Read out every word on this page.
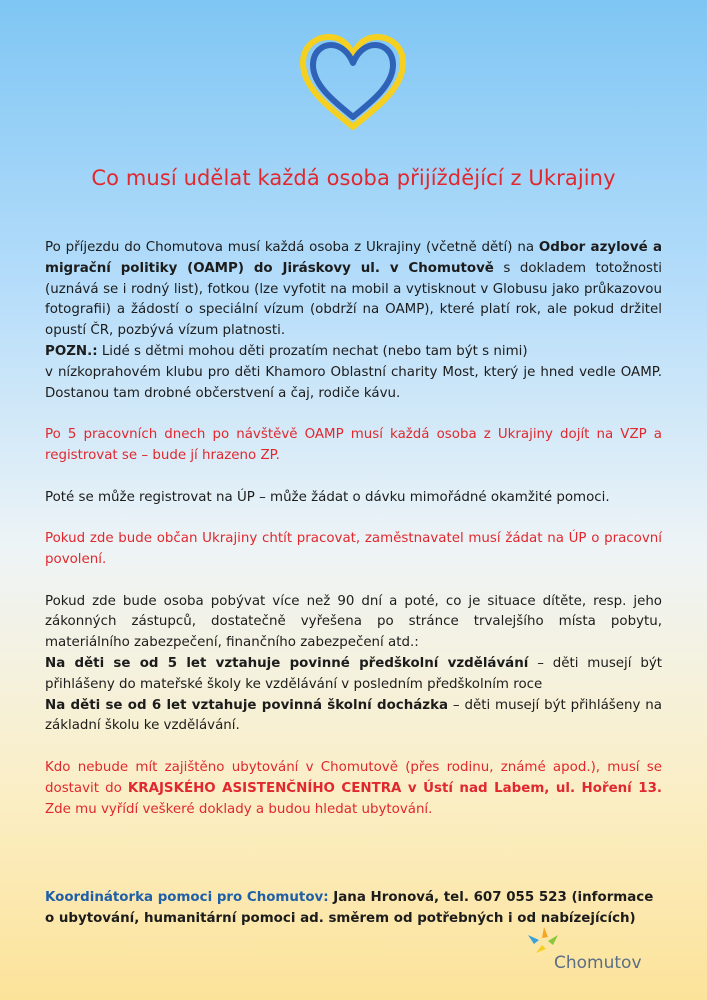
Co musí udělat každá osoba přijíždějící z Ukrajiny

Po příjezdu do Chomutova musí každá osoba z Ukrajiny (včetně dětí) na Odbor azylové a migrační politiky (OAMP) do Jiráskovy ul. v Chomutově s dokladem totožnosti (uznává se i rodný list), fotkou (lze vyfotit na mobil a vytisknout v Globusu jako průkazovou fotografii) a žádostí o speciální vízum (obdrží na OAMP), které platí rok, ale pokud držitel opustí ČR, pozbývá vízum platnosti.

POZN.: Lidé s dětmi mohou děti prozatím nechat (nebo tam být s nimi)
v nízkoprahovém klubu pro děti Khamoro Oblastní charity Most, který je hned vedle OAMP. Dostanou tam drobné občerstvení a čaj, rodiče kávu.

Po 5 pracovních dnech po návštěvě OAMP musí každá osoba z Ukrajiny dojít na VZP a registrovat se – bude jí hrazeno ZP.

Poté se může registrovat na ÚP – může žádat o dávku mimořádné okamžité pomoci.

Pokud zde bude občan Ukrajiny chtít pracovat, zaměstnavatel musí žádat na ÚP o pracovní povolení.

Pokud zde bude osoba pobývat více než 90 dní a poté, co je situace dítěte, resp. jeho zákonných zástupců, dostatečně vyřešena po stránce trvalejšího místa pobytu, materiálního zabezpečení, finančního zabezpečení atd.:
Na děti se od 5 let vztahuje povinné předškolní vzdělávání – děti musejí být přihlášeny do mateřské školy ke vzdělávání v posledním předškolním roce
Na děti se od 6 let vztahuje povinná školní docházka – děti musejí být přihlášeny na základní školu ke vzdělávání.

Kdo nebude mít zajištěno ubytování v Chomutově (přes rodinu, známé apod.), musí se dostavit do KRAJSKÉHO ASISTENČNÍHO CENTRA v Ústí nad Labem, ul. Hoření 13. Zde mu vyřídí veškeré doklady a budou hledat ubytování.

Koordinátorka pomoci pro Chomutov: Jana Hronová, tel. 607 055 523 (informace o ubytování, humanitární pomoci ad. směrem od potřebných i od nabízejících)

Chomutov
